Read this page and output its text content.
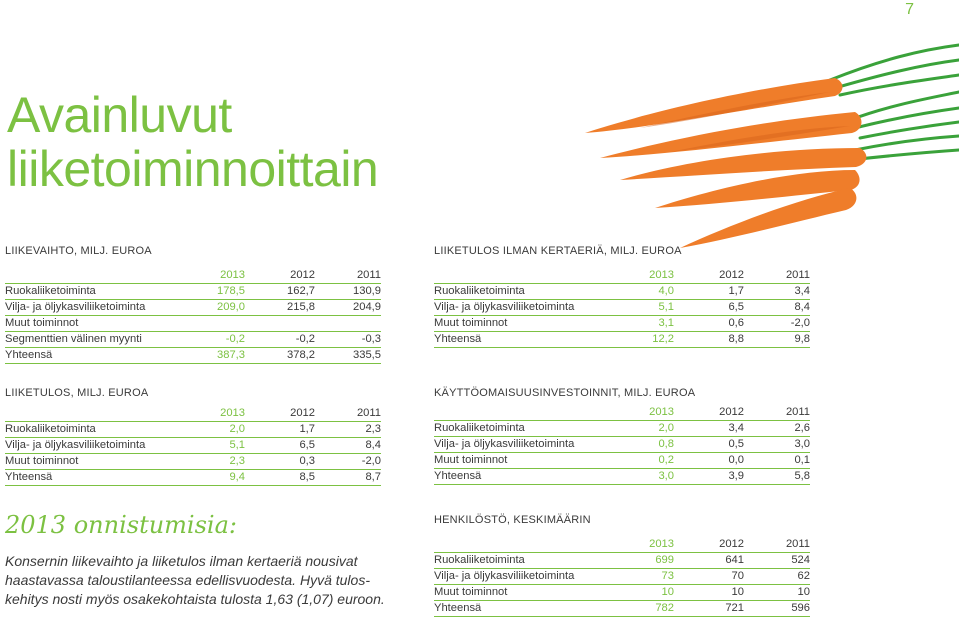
7
Avainluvut
liiketoiminnoittain
LIIKEVAIHTO, MILJ. EUROA
	2013	2012	2011
Ruokaliiketoiminta	178,5	162,7	130,9
Vilja- ja öljykasviliiketoiminta	209,0	215,8	204,9
Muut toiminnot			
Segmenttien välinen myynti	-0,2	-0,2	-0,3
Yhteensä	387,3	378,2	335,5
LIIKETULOS ILMAN KERTAERIÄ, MILJ. EUROA
	2013	2012	2011
Ruokaliiketoiminta	4,0	1,7	3,4
Vilja- ja öljykasviliiketoiminta	5,1	6,5	8,4
Muut toiminnot	3,1	0,6	-2,0
Yhteensä	12,2	8,8	9,8
LIIKETULOS, MILJ. EUROA
	2013	2012	2011
Ruokaliiketoiminta	2,0	1,7	2,3
Vilja- ja öljykasviliiketoiminta	5,1	6,5	8,4
Muut toiminnot	2,3	0,3	-2,0
Yhteensä	9,4	8,5	8,7
KÄYTTÖOMAISUUSINVESTOINNIT, MILJ. EUROA
	2013	2012	2011
Ruokaliiketoiminta	2,0	3,4	2,6
Vilja- ja öljykasviliiketoiminta	0,8	0,5	3,0
Muut toiminnot	0,2	0,0	0,1
Yhteensä	3,0	3,9	5,8
2013 onnistumisia:

Konsernin liikevaihto ja liiketulos ilman kertaeriä nousivat
haastavassa taloustilanteessa edellisvuodesta. Hyvä tulos-
kehitys nosti myös osakekohtaista tulosta 1,63 (1,07) euroon.

HENKILÖSTÖ, KESKIMÄÄRIN
	2013	2012	2011
Ruokaliiketoiminta	699	641	524
Vilja- ja öljykasviliiketoiminta	73	70	62
Muut toiminnot	10	10	10
Yhteensä	782	721	596
